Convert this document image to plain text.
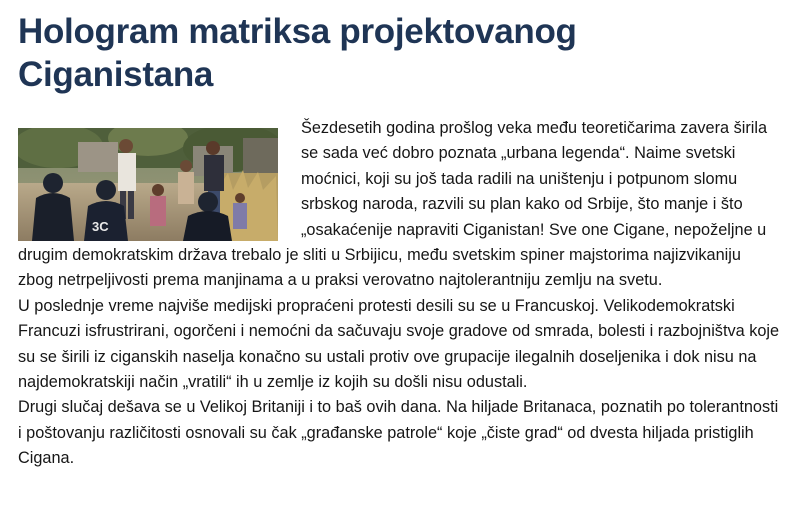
Hologram matriksa projektovanog
Ciganistana
3C
Šezdesetih godina prošlog veka među teoretičarima zavera širila se sada već dobro poznata „urbana legenda“. Naime svetski moćnici, koji su još tada radili na uništenju i potpunom slomu srbskog naroda, razvili su plan kako od Srbije, što manje i što „osakaćenije napraviti Ciganistan! Sve one Cigane, nepoželjne u drugim demokratskim država trebalo je sliti u Srbijicu, među svetskim spiner majstorima najizvikaniju zbog netrpeljivosti prema manjinama a u praksi verovatno najtolerantniju zemlju na svetu.
U poslednje vreme najviše medijski propraćeni protesti desili su se u Francuskoj. Velikodemokratski Francuzi isfrustrirani, ogorčeni i nemoćni da sačuvaju svoje gradove od smrada, bolesti i razbojništva koje su se širili iz ciganskih naselja konačno su ustali protiv ove grupacije ilegalnih doseljenika i dok nisu na najdemokratskiji način „vratili“ ih u zemlje iz kojih su došli nisu odustali.
Drugi slučaj dešava se u Velikoj Britaniji i to baš ovih dana. Na hiljade Britanaca, poznatih po tolerantnosti i poštovanju različitosti osnovali su čak „građanske patrole“ koje „čiste grad“ od dvesta hiljada pristiglih Cigana.
